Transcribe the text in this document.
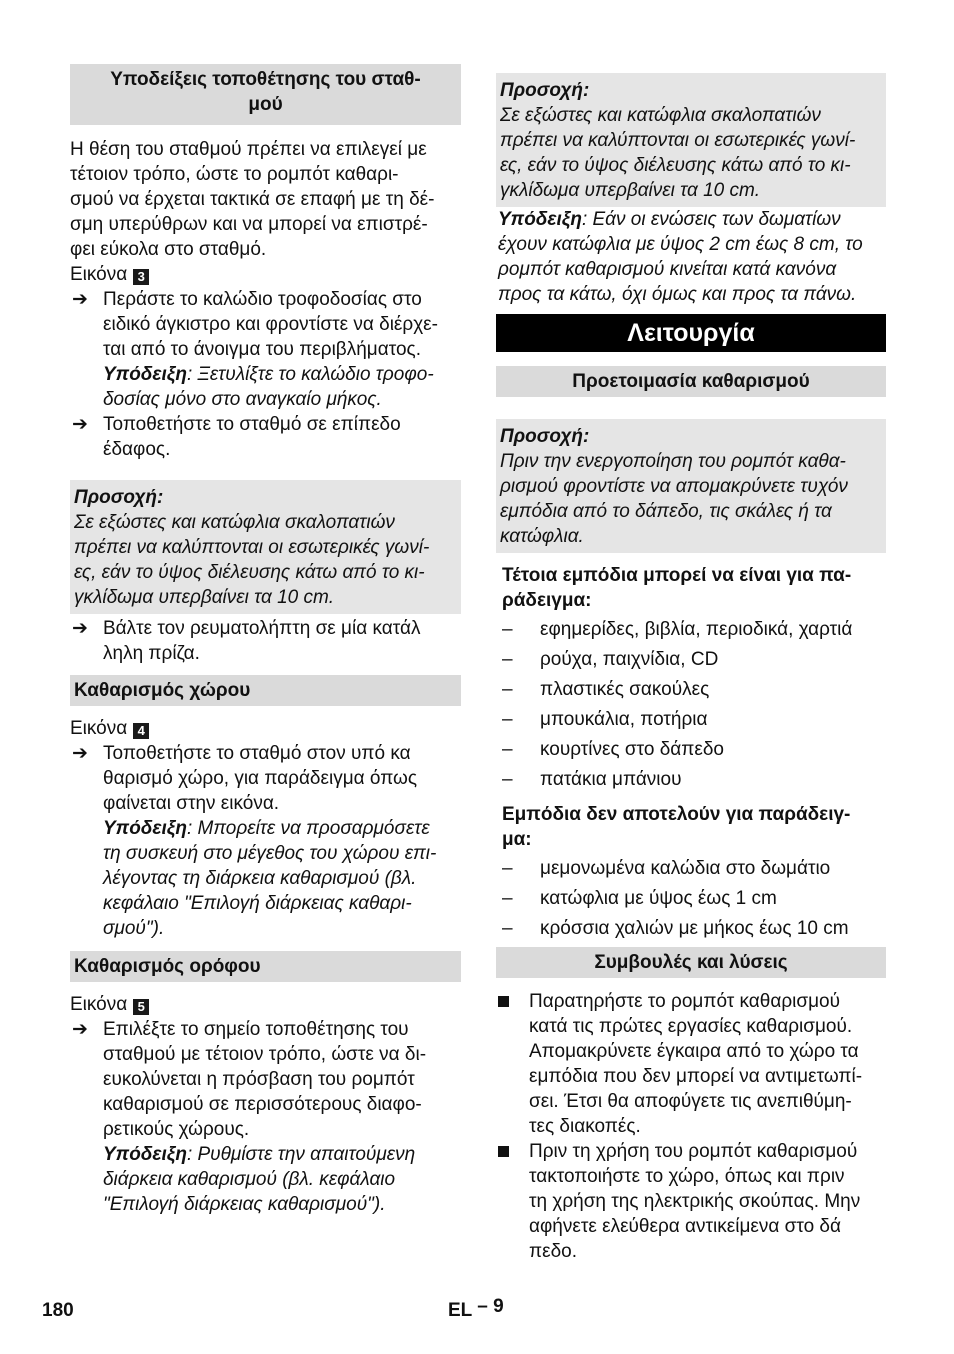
Υποδείξεις τοποθέτησης του σταθ-
μού

Η θέση του σταθμού πρέπει να επιλεγεί με

τέτοιον τρόπο, ώστε το ρομπότ καθαρι-

σμού να έρχεται τακτικά σε επαφή με τη δέ-

σμη υπερύθρων και να μπορεί να επιστρέ-

φει εύκολα στο σταθμό.

Εικόνα 3

➔ Περάστε το καλώδιο τροφοδοσίας στο

ειδικό άγκιστρο και φροντίστε να διέρχε-

ται από το άνοιγμα του περιβλήματος.

Υπόδειξη: Ξετυλίξτε το καλώδιο τροφο-

δοσίας μόνο στο αναγκαίο μήκος.

➔ Τοποθετήστε το σταθμό σε επίπεδο

έδαφος.

Προσοχή:

Σε εξώστες και κατώφλια σκαλοπατιών

πρέπει να καλύπτονται οι εσωτερικές γωνί-

ες, εάν το ύψος διέλευσης κάτω από το κι-

γκλίδωμα υπερβαίνει τα 10 cm.

➔ Βάλτε τον ρευματολήπτη σε μία κατάλ

ληλη πρίζα.

Καθαρισμός χώρου

Εικόνα 4

➔ Τοποθετήστε το σταθμό στον υπό κα

θαρισμό χώρο, για παράδειγμα όπως

φαίνεται στην εικόνα.

Υπόδειξη: Μπορείτε να προσαρμόσετε

τη συσκευή στο μέγεθος του χώρου επι-

λέγοντας τη διάρκεια καθαρισμού (βλ.

κεφάλαιο "Επιλογή διάρκειας καθαρι-

σμού").

Καθαρισμός ορόφου

Εικόνα 5

➔ Επιλέξτε το σημείο τοποθέτησης του

σταθμού με τέτοιον τρόπο, ώστε να δι-

ευκολύνεται η πρόσβαση του ρομπότ

καθαρισμού σε περισσότερους διαφο-

ρετικούς χώρους.

Υπόδειξη: Ρυθμίστε την απαιτούμενη

διάρκεια καθαρισμού (βλ. κεφάλαιο

"Επιλογή διάρκειας καθαρισμού").

Προσοχή:

Σε εξώστες και κατώφλια σκαλοπατιών

πρέπει να καλύπτονται οι εσωτερικές γωνί-

ες, εάν το ύψος διέλευσης κάτω από το κι-

γκλίδωμα υπερβαίνει τα 10 cm.

Υπόδειξη: Εάν οι ενώσεις των δωματίων

έχουν κατώφλια με ύψος 2 cm έως 8 cm, το

ρομπότ καθαρισμού κινείται κατά κανόνα

προς τα κάτω, όχι όμως και προς τα πάνω.

Λειτουργία
Προετοιμασία καθαρισμού

Προσοχή:

Πριν την ενεργοποίηση του ρομπότ καθα-

ρισμού φροντίστε να απομακρύνετε τυχόν

εμπόδια από το δάπεδο, τις σκάλες ή τα

κατώφλια.

Τέτοια εμπόδια μπορεί να είναι για πα-

ράδειγμα:

– εφημερίδες, βιβλία, περιοδικά, χαρτιά

– ρούχα, παιχνίδια, CD

– πλαστικές σακούλες

– μπουκάλια, ποτήρια

– κουρτίνες στο δάπεδο

– πατάκια μπάνιου

Εμπόδια δεν αποτελούν για παράδειγ-

μα:

– μεμονωμένα καλώδια στο δωμάτιο

– κατώφλια με ύψος έως 1 cm

– κρόσσια χαλιών με μήκος έως 10 cm

Συμβουλές και λύσεις

Παρατηρήστε το ρομπότ καθαρισμού

κατά τις πρώτες εργασίες καθαρισμού.

Απομακρύνετε έγκαιρα από το χώρο τα

εμπόδια που δεν μπορεί να αντιμετωπί-

σει. Έτσι θα αποφύγετε τις ανεπιθύμη-

τες διακοπές.

Πριν τη χρήση του ρομπότ καθαρισμού

τακτοποιήστε το χώρο, όπως και πριν

τη χρήση της ηλεκτρικής σκούπας. Μην

αφήνετε ελεύθερα αντικείμενα στο δά

πεδο.

180	EL – 9
